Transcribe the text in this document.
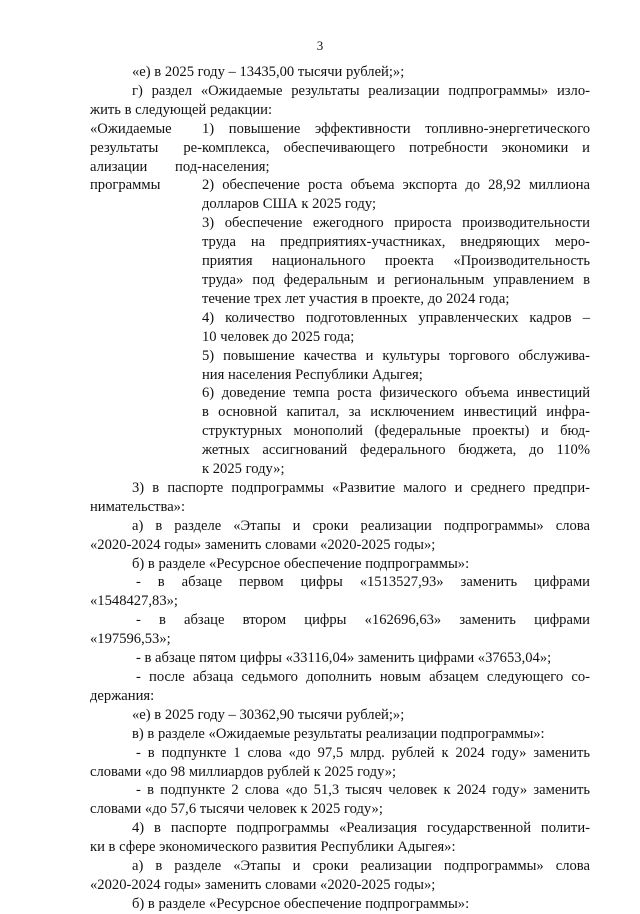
3

«е) в 2025 году – 13435,00 тысячи рублей;»;

г) раздел «Ожидаемые результаты реализации подпрограммы» изло-

жить в следующей редакции:

«Ожидаемые

результаты ре-

ализации под-

программы

1) повышение эффективности топливно-энергетического

комплекса, обеспечивающего потребности экономики и

населения;

2) обеспечение роста объема экспорта до 28,92 миллиона

долларов США к 2025 году;

3) обеспечение ежегодного прироста производительности

труда на предприятиях-участниках, внедряющих меро-

приятия национального проекта «Производительность

труда» под федеральным и региональным управлением в

течение трех лет участия в проекте, до 2024 года;

4) количество подготовленных управленческих кадров –

10 человек до 2025 года;

5) повышение качества и культуры торгового обслужива-

ния населения Республики Адыгея;

6) доведение темпа роста физического объема инвестиций

в основной капитал, за исключением инвестиций инфра-

структурных монополий (федеральные проекты) и бюд-

жетных ассигнований федерального бюджета, до 110%

к 2025 году»;

3) в паспорте подпрограммы «Развитие малого и среднего предпри-

нимательства»:

а) в разделе «Этапы и сроки реализации подпрограммы» слова

«2020-2024 годы» заменить словами «2020-2025 годы»;

б) в разделе «Ресурсное обеспечение подпрограммы»:

- в абзаце первом цифры «1513527,93» заменить цифрами

«1548427,83»;

- в абзаце втором цифры «162696,63» заменить цифрами

«197596,53»;

- в абзаце пятом цифры «33116,04» заменить цифрами «37653,04»;

- после абзаца седьмого дополнить новым абзацем следующего со-

держания:

«е) в 2025 году – 30362,90 тысячи рублей;»;

в) в разделе «Ожидаемые результаты реализации подпрограммы»:

- в подпункте 1 слова «до 97,5 млрд. рублей к 2024 году» заменить

словами «до 98 миллиардов рублей к 2025 году»;

- в подпункте 2 слова «до 51,3 тысяч человек к 2024 году» заменить

словами «до 57,6 тысячи человек к 2025 году»;

4) в паспорте подпрограммы «Реализация государственной полити-

ки в сфере экономического развития Республики Адыгея»:

а) в разделе «Этапы и сроки реализации подпрограммы» слова

«2020-2024 годы» заменить словами «2020-2025 годы»;

б) в разделе «Ресурсное обеспечение подпрограммы»:
